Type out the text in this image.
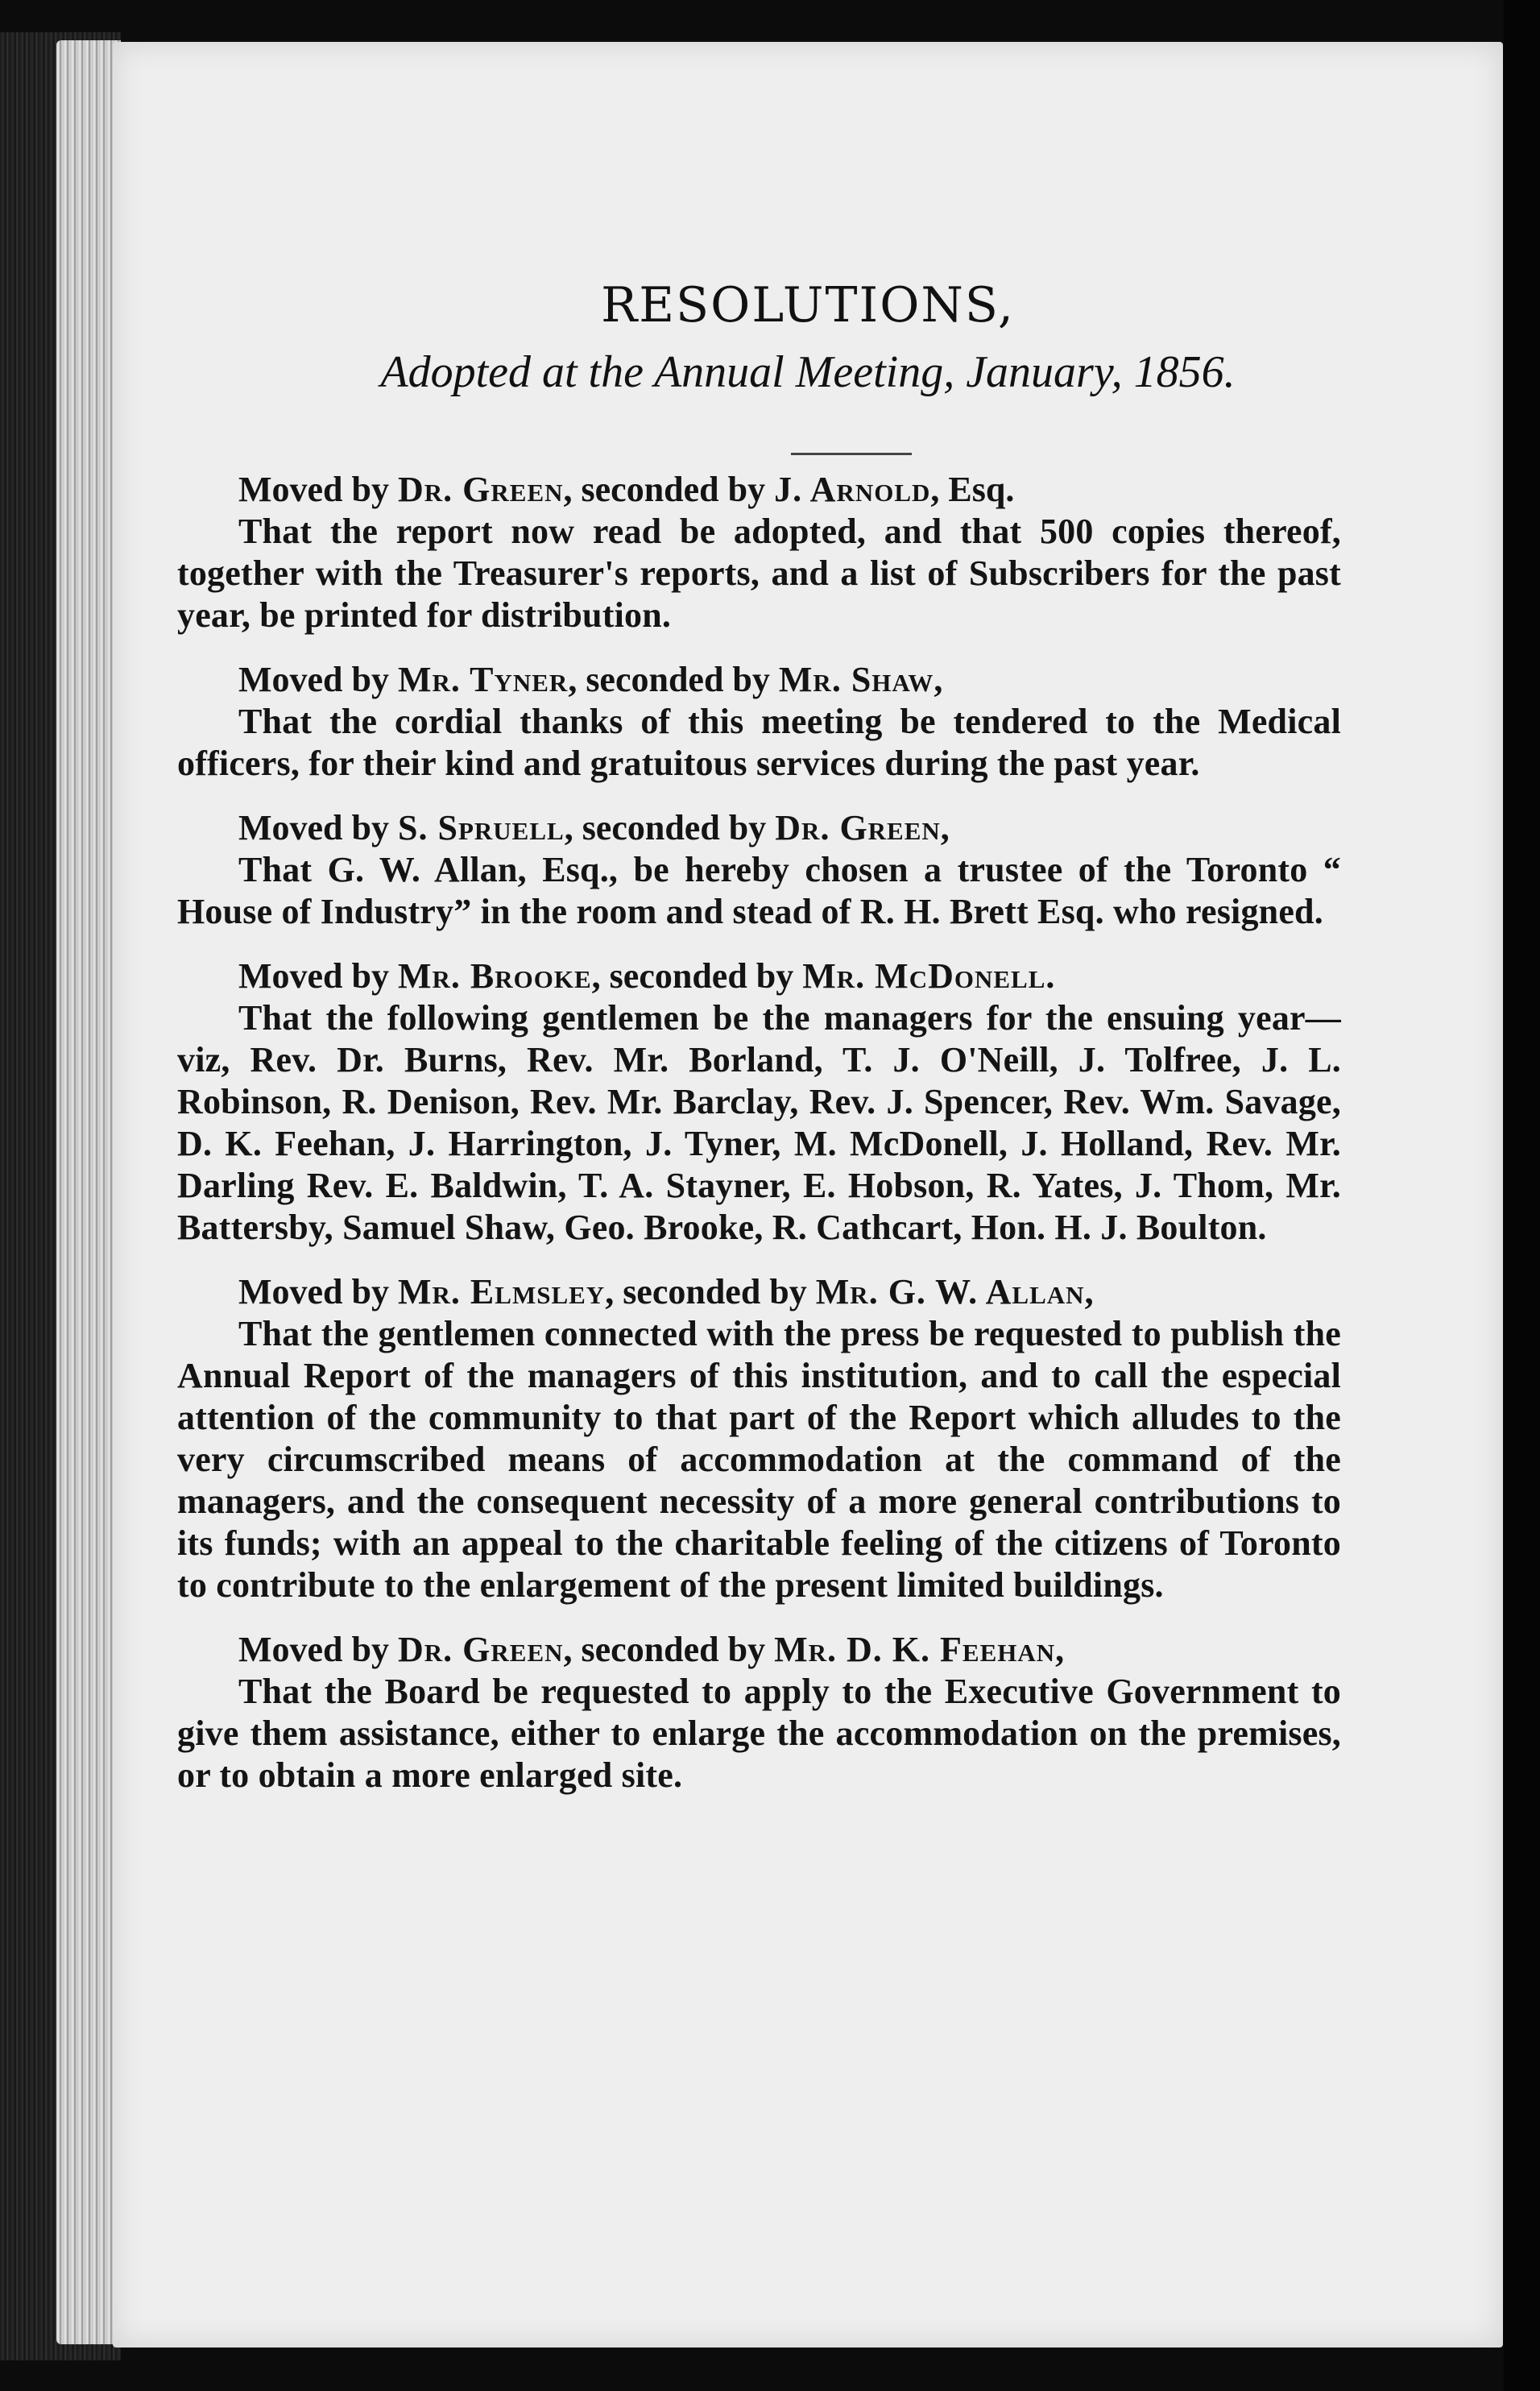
RESOLUTIONS,
Adopted at the Annual Meeting, January, 1856.

Moved by Dr. Green, seconded by J. Arnold, Esq.

That the report now read be adopted, and that 500 copies thereof, together with the Treasurer's reports, and a list of Subscribers for the past year, be printed for distribution.

Moved by Mr. Tyner, seconded by Mr. Shaw,

That the cordial thanks of this meeting be tendered to the Medical officers, for their kind and gratuitous services during the past year.

Moved by S. Spruell, seconded by Dr. Green,

That G. W. Allan, Esq., be hereby chosen a trustee of the Toronto “ House of Industry” in the room and stead of R. H. Brett Esq. who resigned.

Moved by Mr. Brooke, seconded by Mr. McDonell.

That the following gentlemen be the managers for the ensuing year—viz, Rev. Dr. Burns, Rev. Mr. Borland, T. J. O'Neill, J. Tolfree, J. L. Robinson, R. Denison, Rev. Mr. Barclay, Rev. J. Spencer, Rev. Wm. Savage, D. K. Feehan, J. Harrington, J. Tyner, M. McDonell, J. Holland, Rev. Mr. Darling Rev. E. Baldwin, T. A. Stayner, E. Hobson, R. Yates, J. Thom, Mr. Battersby, Samuel Shaw, Geo. Brooke, R. Cathcart, Hon. H. J. Boulton.

Moved by Mr. Elmsley, seconded by Mr. G. W. Allan,

That the gentlemen connected with the press be requested to publish the Annual Report of the managers of this institution, and to call the especial attention of the community to that part of the Report which alludes to the very circumscribed means of accommodation at the command of the managers, and the consequent necessity of a more general contributions to its funds; with an appeal to the charitable feeling of the citizens of Toronto to contribute to the enlargement of the present limited buildings.

Moved by Dr. Green, seconded by Mr. D. K. Feehan,

That the Board be requested to apply to the Executive Government to give them assistance, either to enlarge the accommodation on the premises, or to obtain a more enlarged site.
